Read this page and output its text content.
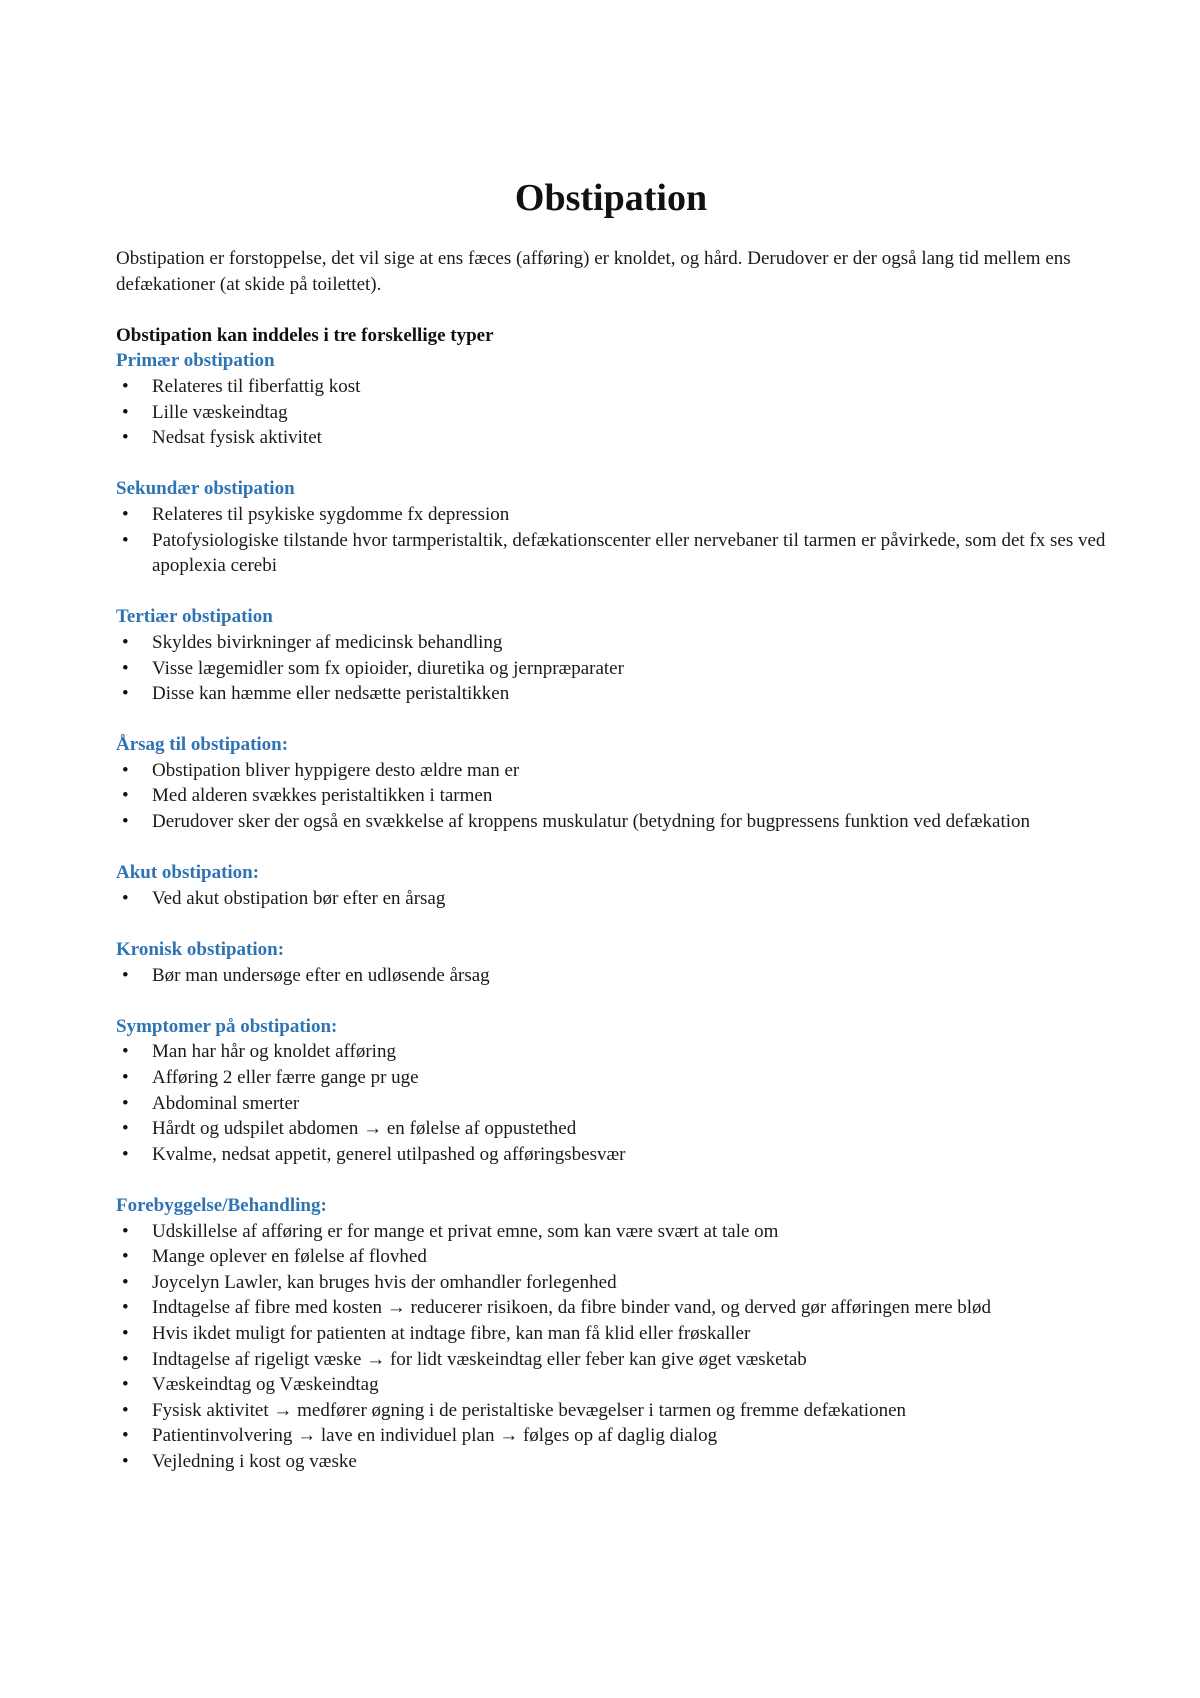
Obstipation

Obstipation er forstoppelse, det vil sige at ens fæces (afføring) er knoldet, og hård. Derudover er der også lang tid mellem ens defækationer (at skide på toilettet).

Obstipation kan inddeles i tre forskellige typer
Primær obstipation
• Relateres til fiberfattig kost
• Lille væskeindtag
• Nedsat fysisk aktivitet
Sekundær obstipation
• Relateres til psykiske sygdomme fx depression
• Patofysiologiske tilstande hvor tarmperistaltik, defækationscenter eller nervebaner til tarmen er påvirkede, som det fx ses ved apoplexia cerebi
Tertiær obstipation
• Skyldes bivirkninger af medicinsk behandling
• Visse lægemidler som fx opioider, diuretika og jernpræparater
• Disse kan hæmme eller nedsætte peristaltikken
Årsag til obstipation:
• Obstipation bliver hyppigere desto ældre man er
• Med alderen svækkes peristaltikken i tarmen
• Derudover sker der også en svækkelse af kroppens muskulatur (betydning for bugpressens funktion ved defækation
Akut obstipation:
• Ved akut obstipation bør efter en årsag
Kronisk obstipation:
• Bør man undersøge efter en udløsende årsag
Symptomer på obstipation:
• Man har hår og knoldet afføring
• Afføring 2 eller færre gange pr uge
• Abdominal smerter
• Hårdt og udspilet abdomen → en følelse af oppustethed
• Kvalme, nedsat appetit, generel utilpashed og afføringsbesvær
Forebyggelse/Behandling:
• Udskillelse af afføring er for mange et privat emne, som kan være svært at tale om
• Mange oplever en følelse af flovhed
• Joycelyn Lawler, kan bruges hvis der omhandler forlegenhed
• Indtagelse af fibre med kosten → reducerer risikoen, da fibre binder vand, og derved gør afføringen mere blød
• Hvis ikdet muligt for patienten at indtage fibre, kan man få klid eller frøskaller
• Indtagelse af rigeligt væske → for lidt væskeindtag eller feber kan give øget væsketab
• Væskeindtag og Væskeindtag
• Fysisk aktivitet → medfører øgning i de peristaltiske bevægelser i tarmen og fremme defækationen
• Patientinvolvering → lave en individuel plan → følges op af daglig dialog
• Vejledning i kost og væske
